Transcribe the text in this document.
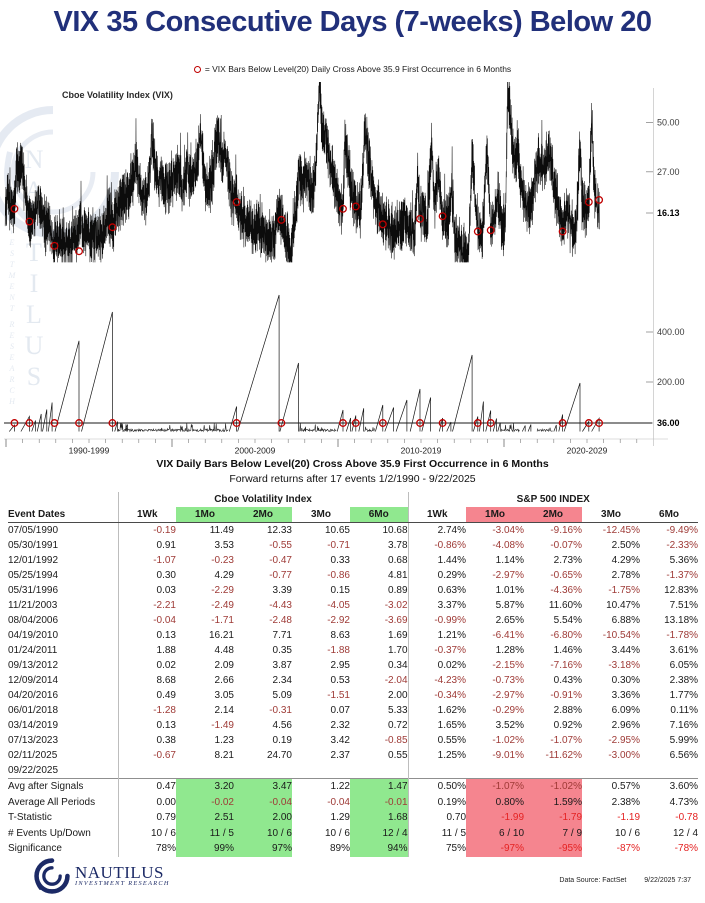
VIX 35 Consecutive Days (7-weeks) Below 20
= VIX Bars Below Level(20) Daily Cross Above 35.9 First Occurrence in 6 Months
N
A
U
T
I
L
U
S
I
N
V
E
S
T
M
E
N
T
R
E
S
E
A
R
C
H
50.00
27.00
16.13
400.00
200.00
36.00
Cboe Volatility Index (VIX)
1990-1999	2000-2009	2010-2019	2020-2029
VIX Daily Bars Below Level(20) Cross Above 35.9 First Occurrence in 6 Months
Forward returns after 17 events 1/2/1990 - 9/22/2025
	Cboe Volatility Index					S&P 500 INDEX				
Event Dates	1Wk	1Mo	2Mo	3Mo	6Mo	1Wk	1Mo	2Mo	3Mo	6Mo
07/05/1990	-0.19	11.49	12.33	10.65	10.68	2.74%	-3.04%	-9.16%	-12.45%	-9.49%
05/30/1991	0.91	3.53	-0.55	-0.71	3.78	-0.86%	-4.08%	-0.07%	2.50%	-2.33%
12/01/1992	-1.07	-0.23	-0.47	0.33	0.68	1.44%	1.14%	2.73%	4.29%	5.36%
05/25/1994	0.30	4.29	-0.77	-0.86	4.81	0.29%	-2.97%	-0.65%	2.78%	-1.37%
05/31/1996	0.03	-2.29	3.39	0.15	0.89	0.63%	1.01%	-4.36%	-1.75%	12.83%
11/21/2003	-2.21	-2.49	-4.43	-4.05	-3.02	3.37%	5.87%	11.60%	10.47%	7.51%
08/04/2006	-0.04	-1.71	-2.48	-2.92	-3.69	-0.99%	2.65%	5.54%	6.88%	13.18%
04/19/2010	0.13	16.21	7.71	8.63	1.69	1.21%	-6.41%	-6.80%	-10.54%	-1.78%
01/24/2011	1.88	4.48	0.35	-1.88	1.70	-0.37%	1.28%	1.46%	3.44%	3.61%
09/13/2012	0.02	2.09	3.87	2.95	0.34	0.02%	-2.15%	-7.16%	-3.18%	6.05%
12/09/2014	8.68	2.66	2.34	0.53	-2.04	-4.23%	-0.73%	0.43%	0.30%	2.38%
04/20/2016	0.49	3.05	5.09	-1.51	2.00	-0.34%	-2.97%	-0.91%	3.36%	1.77%
06/01/2018	-1.28	2.14	-0.31	0.07	5.33	1.62%	-0.29%	2.88%	6.09%	0.11%
03/14/2019	0.13	-1.49	4.56	2.32	0.72	1.65%	3.52%	0.92%	2.96%	7.16%
07/13/2023	0.38	1.23	0.19	3.42	-0.85	0.55%	-1.02%	-1.07%	-2.95%	5.99%
02/11/2025	-0.67	8.21	24.70	2.37	0.55	1.25%	-9.01%	-11.62%	-3.00%	6.56%
09/22/2025										
Avg after Signals	0.47	3.20	3.47	1.22	1.47	0.50%	-1.07%	-1.02%	0.57%	3.60%
Average All Periods	0.00	-0.02	-0.04	-0.04	-0.01	0.19%	0.80%	1.59%	2.38%	4.73%
T-Statistic	0.79	2.51	2.00	1.29	1.68	0.70	-1.99	-1.79	-1.19	-0.78
# Events Up/Down	10 / 6	11 / 5	10 / 6	10 / 6	12 / 4	11 / 5	6 / 10	7 / 9	10 / 6	12 / 4
Significance	78%	99%	97%	89%	94%	75%	-97%	-95%	-87%	-78%
NAUTILUS
INVESTMENT RESEARCH	Data Source: FactSet	9/22/2025 7:37
